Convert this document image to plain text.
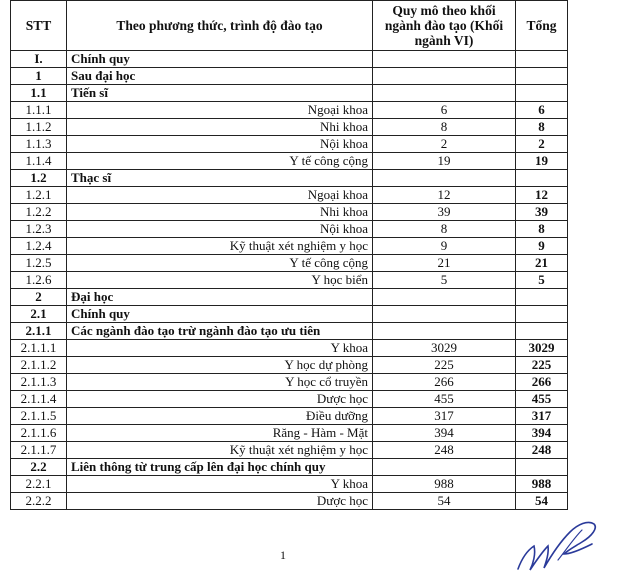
STT	Theo phương thức, trình độ đào tạo	Quy mô theo khối ngành đào tạo (Khối ngành VI)	Tổng
I.	Chính quy		
1	Sau đại học		
1.1	Tiến sĩ		
1.1.1	Ngoại khoa	6	6
1.1.2	Nhi khoa	8	8
1.1.3	Nội khoa	2	2
1.1.4	Y tế công cộng	19	19
1.2	Thạc sĩ		
1.2.1	Ngoại khoa	12	12
1.2.2	Nhi khoa	39	39
1.2.3	Nội khoa	8	8
1.2.4	Kỹ thuật xét nghiệm y học	9	9
1.2.5	Y tế công cộng	21	21
1.2.6	Y học biển	5	5
2	Đại học		
2.1	Chính quy		
2.1.1	Các ngành đào tạo trừ ngành đào tạo ưu tiên		
2.1.1.1	Y khoa	3029	3029
2.1.1.2	Y học dự phòng	225	225
2.1.1.3	Y học cổ truyền	266	266
2.1.1.4	Dược học	455	455
2.1.1.5	Điều dưỡng	317	317
2.1.1.6	Răng - Hàm - Mặt	394	394
2.1.1.7	Kỹ thuật xét nghiệm y học	248	248
2.2	Liên thông từ trung cấp lên đại học chính quy		
2.2.1	Y khoa	988	988
2.2.2	Dược học	54	54
1
